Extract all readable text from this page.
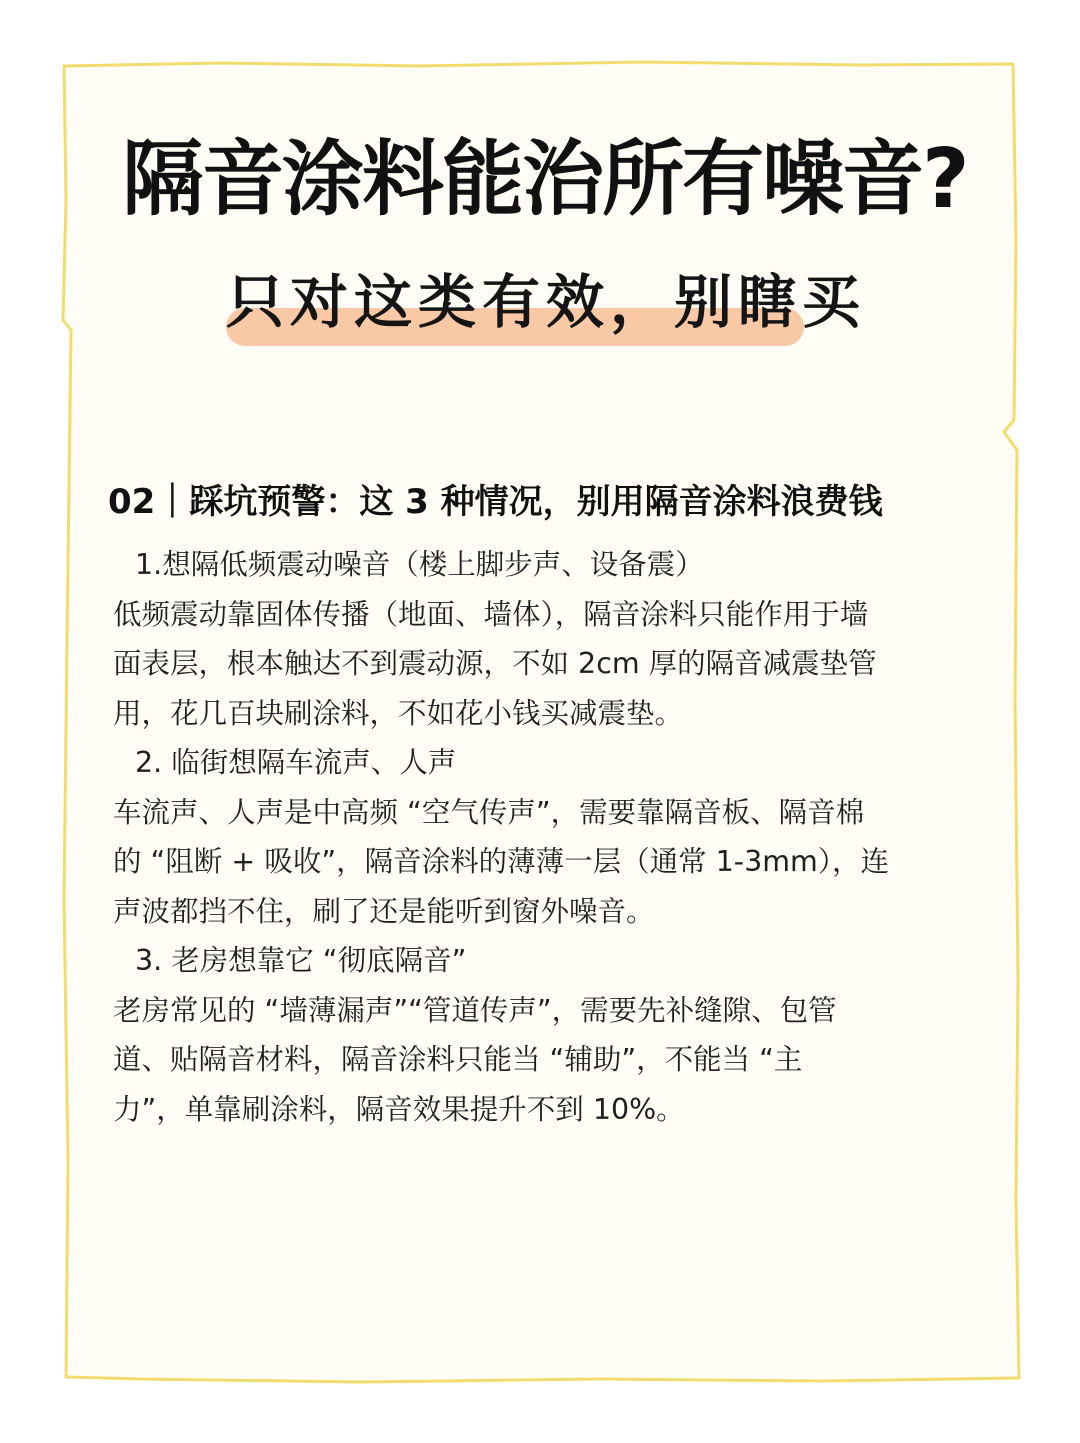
隔音涂料能治所有噪音?
只对这类有效，别瞎买
02｜踩坑预警：这 3 种情况，别用隔音涂料浪费钱
1.想隔低频震动噪音（楼上脚步声、设备震）
低频震动靠固体传播（地面、墙体），隔音涂料只能作用于墙
面表层，根本触达不到震动源，不如 2cm 厚的隔音减震垫管
用，花几百块刷涂料，不如花小钱买减震垫。
2. 临街想隔车流声、人声
车流声、人声是中高频 “空气传声”，需要靠隔音板、隔音棉
的 “阻断 + 吸收”，隔音涂料的薄薄一层（通常 1-3mm），连
声波都挡不住，刷了还是能听到窗外噪音。
3. 老房想靠它 “彻底隔音”
老房常见的 “墙薄漏声”“管道传声”，需要先补缝隙、包管
道、贴隔音材料，隔音涂料只能当 “辅助”，不能当 “主
力”，单靠刷涂料，隔音效果提升不到 10%。
